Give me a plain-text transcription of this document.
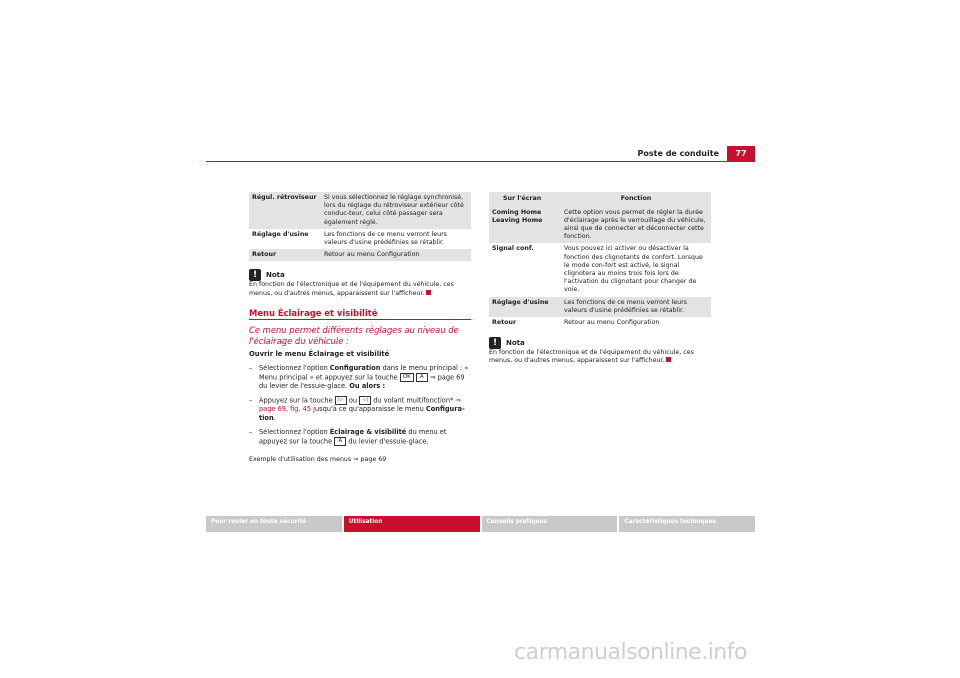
Poste de conduite	77
Régul. rétroviseur	Si vous sélectionnez le réglage synchronisé, lors du réglage du rétroviseur extérieur côté conduc-teur, celui côté passager sera également réglé.
Réglage d'usine	Les fonctions de ce menu verront leurs valeurs d'usine prédéfinies se rétablir.
Retour	Retour au menu Configuration
!	Nota
En fonction de l'électronique et de l'équipement du véhicule, ces menus, ou d'autres menus, apparaissent sur l'afficheur.
Menu Éclairage et visibilité
Ce menu permet différents réglages au niveau de l'éclairage du véhicule :
Ouvrir le menu Éclairage et visibilité
– Sélectionnez l'option Configuration dans le menu principal : « Menu principal » et appuyez sur la touche OK A ⇒ page 69 du levier de l'essuie-glace. Ou alors :
– Appuyez sur la touche ▷ ou ◁ du volant multifonction* ⇒ page 69, fig. 45 jusqu'à ce qu'apparaisse le menu Configura-tion.
– Sélectionnez l'option Éclairage & visibilité du menu et appuyez sur la touche A du levier d'essuie-glace.
Exemple d'utilisation des menus ⇒ page 69
Sur l'écran	Fonction
Coming Home Leaving Home	Cette option vous permet de régler la durée d'éclairage après le verrouillage du véhicule, ainsi que de connecter et déconnecter cette fonction.
Signal conf.	Vous pouvez ici activer ou désactiver la fonction des clignotants de confort. Lorsque le mode con-fort est activé, le signal clignotera au moins trois fois lors de l'activation du clignotant pour changer de voie.
Réglage d'usine	Les fonctions de ce menu verront leurs valeurs d'usine prédéfinies se rétablir.
Retour	Retour au menu Configuration
!	Nota
En fonction de l'électronique et de l'équipement du véhicule, ces menus, ou d'autres menus, apparaissent sur l'afficheur.
Pour rouler en toute sécurité	Utilisation	Conseils pratiques	Caractéristiques techniques
carmanualsonline.info
